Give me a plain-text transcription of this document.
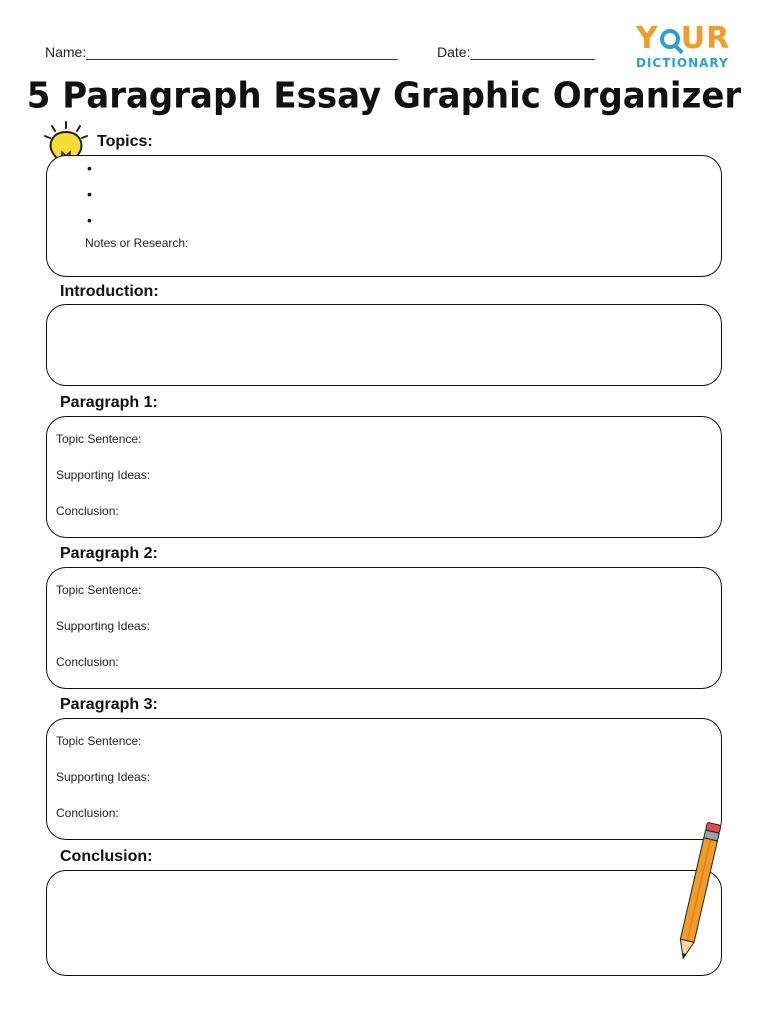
Name:________________________________________	Date:________________ Y UR
DICTIONARY
5 Paragraph Essay Graphic Organizer
Topics:
•
•
•
Notes or Research:
Introduction:
Paragraph 1:
Topic Sentence:
Supporting Ideas:
Conclusion:
Paragraph 2:
Topic Sentence:
Supporting Ideas:
Conclusion:
Paragraph 3:
Topic Sentence:
Supporting Ideas:
Conclusion:
Conclusion:
